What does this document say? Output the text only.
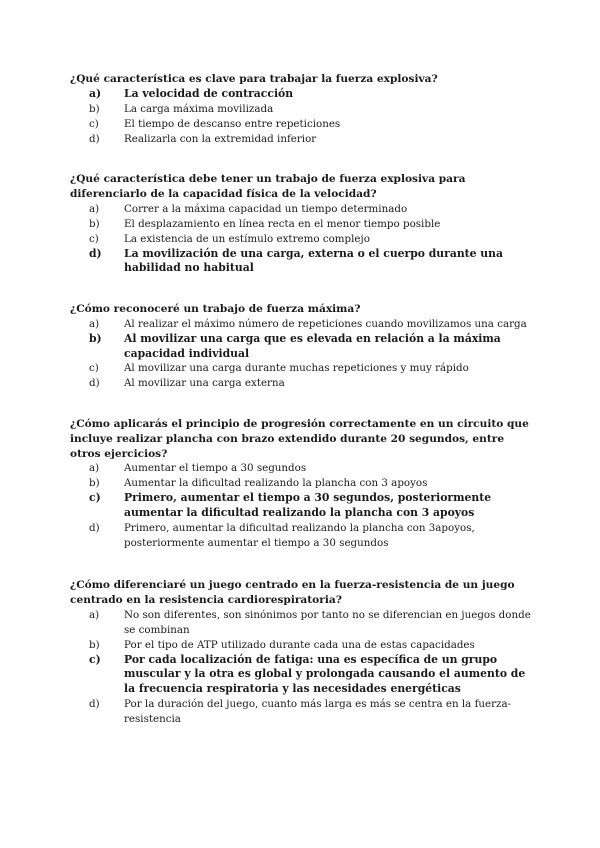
¿Qué característica es clave para trabajar la fuerza explosiva?
a)	La velocidad de contracción
b)	La carga máxima movilizada
c)	El tiempo de descanso entre repeticiones
d)	Realizarla con la extremidad inferior
¿Qué característica debe tener un trabajo de fuerza explosiva para diferenciarlo de la capacidad física de la velocidad?
a)	Correr a la máxima capacidad un tiempo determinado
b)	El desplazamiento en línea recta en el menor tiempo posible
c)	La existencia de un estímulo extremo complejo
d)	La movilización de una carga, externa o el cuerpo durante una habilidad no habitual
¿Cómo reconoceré un trabajo de fuerza máxima?
a)	Al realizar el máximo número de repeticiones cuando movilizamos una carga
b)	Al movilizar una carga que es elevada en relación a la máxima capacidad individual
c)	Al movilizar una carga durante muchas repeticiones y muy rápido
d)	Al movilizar una carga externa
¿Cómo aplicarás el principio de progresión correctamente en un circuito que incluye realizar plancha con brazo extendido durante 20 segundos, entre otros ejercicios?
a)	Aumentar el tiempo a 30 segundos
b)	Aumentar la dificultad realizando la plancha con 3 apoyos
c)	Primero, aumentar el tiempo a 30 segundos, posteriormente aumentar la dificultad realizando la plancha con 3 apoyos
d)	Primero, aumentar la dificultad realizando la plancha con 3apoyos, posteriormente aumentar el tiempo a 30 segundos
¿Cómo diferenciaré un juego centrado en la fuerza-resistencia de un juego centrado en la resistencia cardiorespiratoria?
a)	No son diferentes, son sinónimos por tanto no se diferencian en juegos donde se combinan
b)	Por el tipo de ATP utilizado durante cada una de estas capacidades
c)	Por cada localización de fatiga: una es específica de un grupo muscular y la otra es global y prolongada causando el aumento de la frecuencia respiratoria y las necesidades energéticas
d)	Por la duración del juego, cuanto más larga es más se centra en la fuerza-resistencia
